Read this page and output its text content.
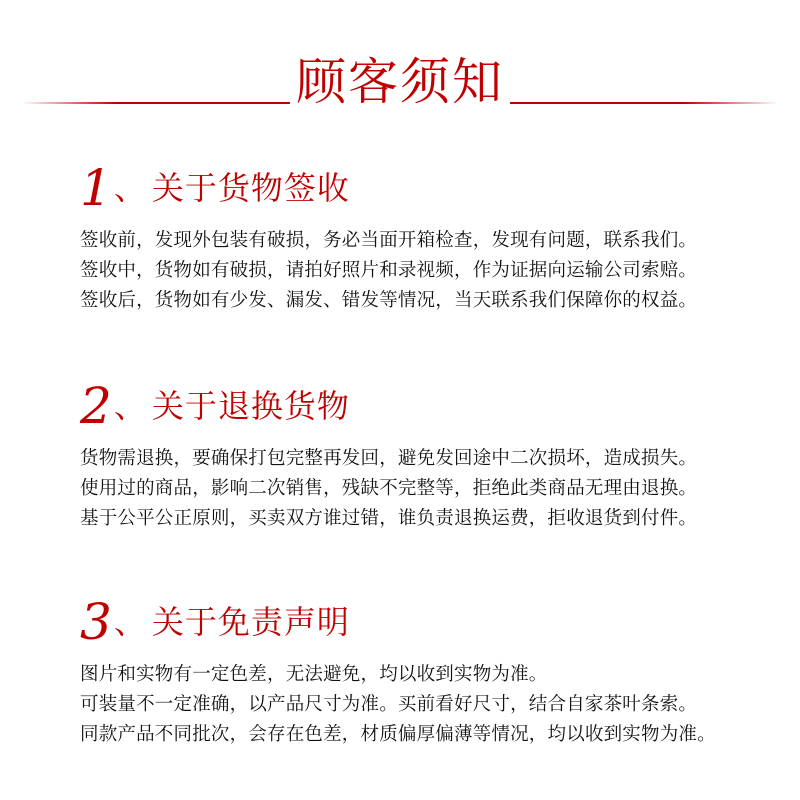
顾客须知
1、 关于货物签收
签收前，发现外包装有破损，务必当面开箱检查，发现有问题，联系我们。
签收中，货物如有破损，请拍好照片和录视频，作为证据向运输公司索赔。
签收后，货物如有少发、漏发、错发等情况，当天联系我们保障你的权益。
2、 关于退换货物
货物需退换，要确保打包完整再发回，避免发回途中二次损坏，造成损失。
使用过的商品，影响二次销售，残缺不完整等，拒绝此类商品无理由退换。
基于公平公正原则，买卖双方谁过错，谁负责退换运费，拒收退货到付件。
3、 关于免责声明
图片和实物有一定色差，无法避免，均以收到实物为准。
可装量不一定准确，以产品尺寸为准。买前看好尺寸，结合自家茶叶条索。
同款产品不同批次，会存在色差，材质偏厚偏薄等情况，均以收到实物为准。
